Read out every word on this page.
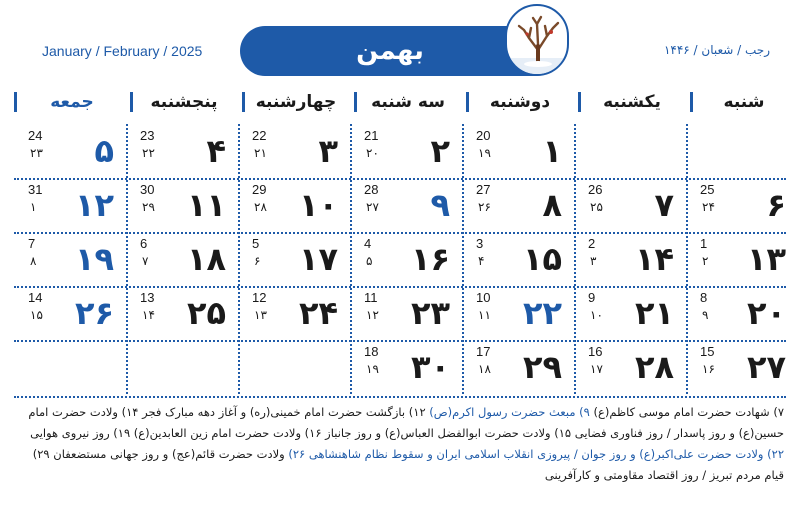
January / February / 2025	بهمن	رجب / شعبان / ۱۴۴۶
شنبه
یکشنبه
دوشنبه
سه شنبه
چهارشنبه
پنجشنبه
جمعه
۱
20
۱۹
۲
21
۲۰
۳
22
۲۱
۴
23
۲۲
۵
24
۲۳
۶
25
۲۴
۷
26
۲۵
۸
27
۲۶
۹
28
۲۷
۱۰
29
۲۸
۱۱
30
۲۹
۱۲
31
۱
۱۳
1
۲
۱۴
2
۳
۱۵
3
۴
۱۶
4
۵
۱۷
5
۶
۱۸
6
۷
۱۹
7
۸
۲۰
8
۹
۲۱
9
۱۰
۲۲
10
۱۱
۲۳
11
۱۲
۲۴
12
۱۳
۲۵
13
۱۴
۲۶
14
۱۵
۲۷
15
۱۶
۲۸
16
۱۷
۲۹
17
۱۸
۳۰
18
۱۹
۷) شهادت حضرت امام موسی کاظم(ع) ۹) مبعث حضرت رسول اکرم(ص) ۱۲) بازگشت حضرت امام خمینی(ره) و آغاز دهه مبارک فجر ۱۴) ولادت حضرت امام حسین(ع) و روز پاسدار / روز فناوری فضایی ۱۵) ولادت حضرت ابوالفضل العباس(ع) و روز جانباز ۱۶) ولادت حضرت امام زین العابدین(ع) ۱۹) روز نیروی هوایی ۲۲) ولادت حضرت علی‌اکبر(ع) و روز جوان / پیروزی انقلاب اسلامی ایران و سقوط نظام شاهنشاهی ۲۶) ولادت حضرت قائم(عج) و روز جهانی مستضعفان ۲۹) قیام مردم تبریز / روز اقتصاد مقاومتی و کارآفرینی
